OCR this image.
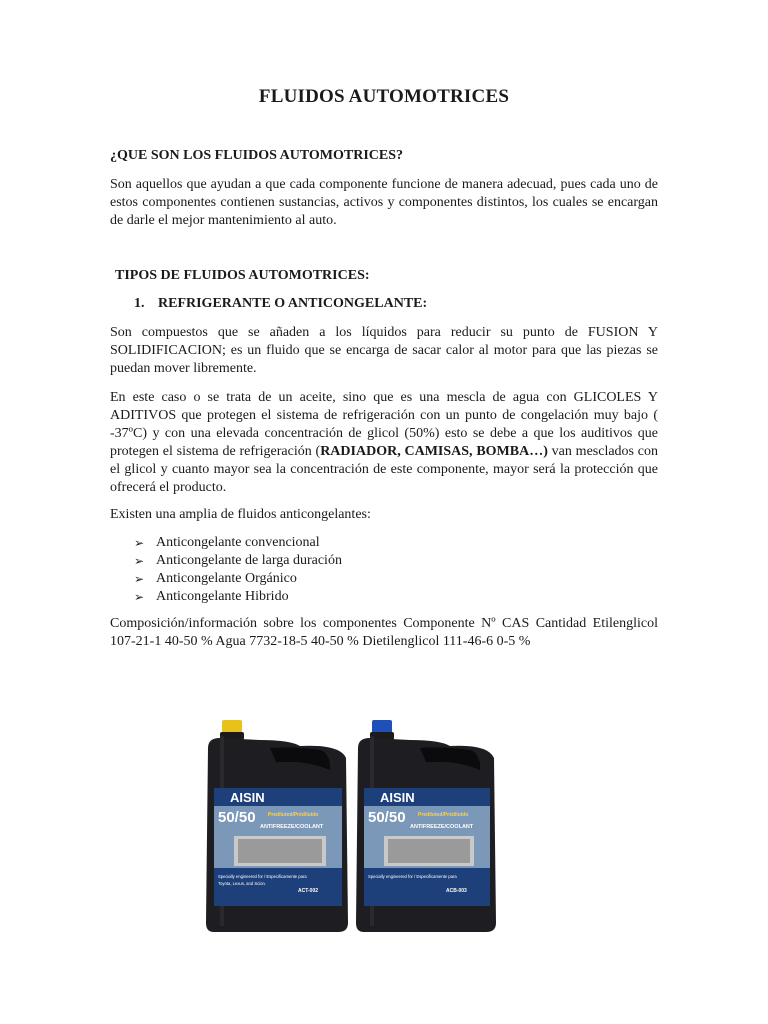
FLUIDOS AUTOMOTRICES
¿QUE SON LOS FLUIDOS AUTOMOTRICES?
Son aquellos que ayudan a que cada componente funcione de manera adecuad, pues cada uno de estos componentes contienen sustancias, activos y componentes distintos, los cuales se encargan de darle el mejor mantenimiento al auto.
TIPOS DE FLUIDOS AUTOMOTRICES:
1. REFRIGERANTE O ANTICONGELANTE:
Son compuestos que se añaden a los líquidos para reducir su punto de FUSION Y SOLIDIFICACION; es un fluido que se encarga de sacar calor al motor para que las piezas se puedan mover libremente.
En este caso o se trata de un aceite, sino que es una mescla de agua con GLICOLES Y ADITIVOS que protegen el sistema de refrigeración con un punto de congelación muy bajo ( -37ºC) y con una elevada concentración de glicol (50%) esto se debe a que los auditivos que protegen el sistema de refrigeración (RADIADOR, CAMISAS, BOMBA…) van mesclados con el glicol y cuanto mayor sea la concentración de este componente, mayor será la protección que ofrecerá el producto.
Existen una amplia de fluidos anticongelantes:
➢ Anticongelante convencional
➢ Anticongelante de larga duración
➢ Anticongelante Orgánico
➢ Anticongelante Hibrido
Composición/información sobre los componentes Componente Nº CAS Cantidad Etilenglicol 107-21-1 40-50 % Agua 7732-18-5 40-50 % Dietilenglicol 111-46-6 0-5 %
AISIN
50/50 Prediluted/Prédiluido
ANTIFREEZE/COOLANT
Specially engineered for / Especificamente para
Toyota, Lexus, and Scion.
ACT-002
AISIN
50/50 Prediluted/Prédiluido
ANTIFREEZE/COOLANT
Specially engineered for / Especificamente para
ACB-003
